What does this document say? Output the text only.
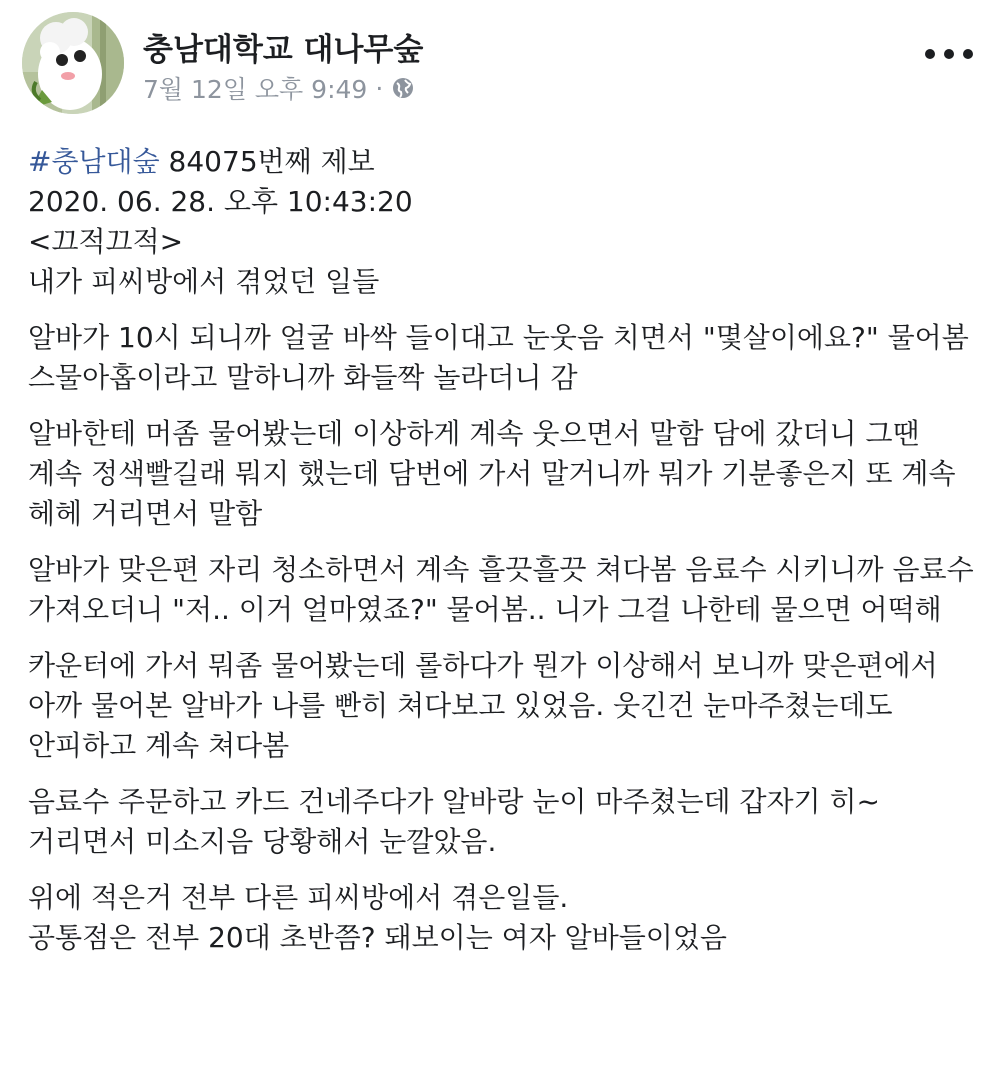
충남대학교 대나무숲
7월 12일 오후 9:49 ·

#충남대숲 84075번째 제보

2020. 06. 28. 오후 10:43:20

<끄적끄적>

내가 피씨방에서 겪었던 일들

알바가 10시 되니까 얼굴 바싹 들이대고 눈웃음 치면서 "몇살이에요?" 물어봄 스물아홉이라고 말하니까 화들짝 놀라더니 감

알바한테 머좀 물어봤는데 이상하게 계속 웃으면서 말함 담에 갔더니 그땐 계속 정색빨길래 뭐지 했는데 담번에 가서 말거니까 뭐가 기분좋은지 또 계속 헤헤 거리면서 말함

알바가 맞은편 자리 청소하면서 계속 흘끗흘끗 쳐다봄 음료수 시키니까 음료수 가져오더니 "저.. 이거 얼마였죠?" 물어봄.. 니가 그걸 나한테 물으면 어떡해

카운터에 가서 뭐좀 물어봤는데 롤하다가 뭔가 이상해서 보니까 맞은편에서 아까 물어본 알바가 나를 빤히 쳐다보고 있었음. 웃긴건 눈마주쳤는데도 안피하고 계속 쳐다봄

음료수 주문하고 카드 건네주다가 알바랑 눈이 마주쳤는데 갑자기 히~ 거리면서 미소지음 당황해서 눈깔았음.

위에 적은거 전부 다른 피씨방에서 겪은일들.
공통점은 전부 20대 초반쯤? 돼보이는 여자 알바들이었음
